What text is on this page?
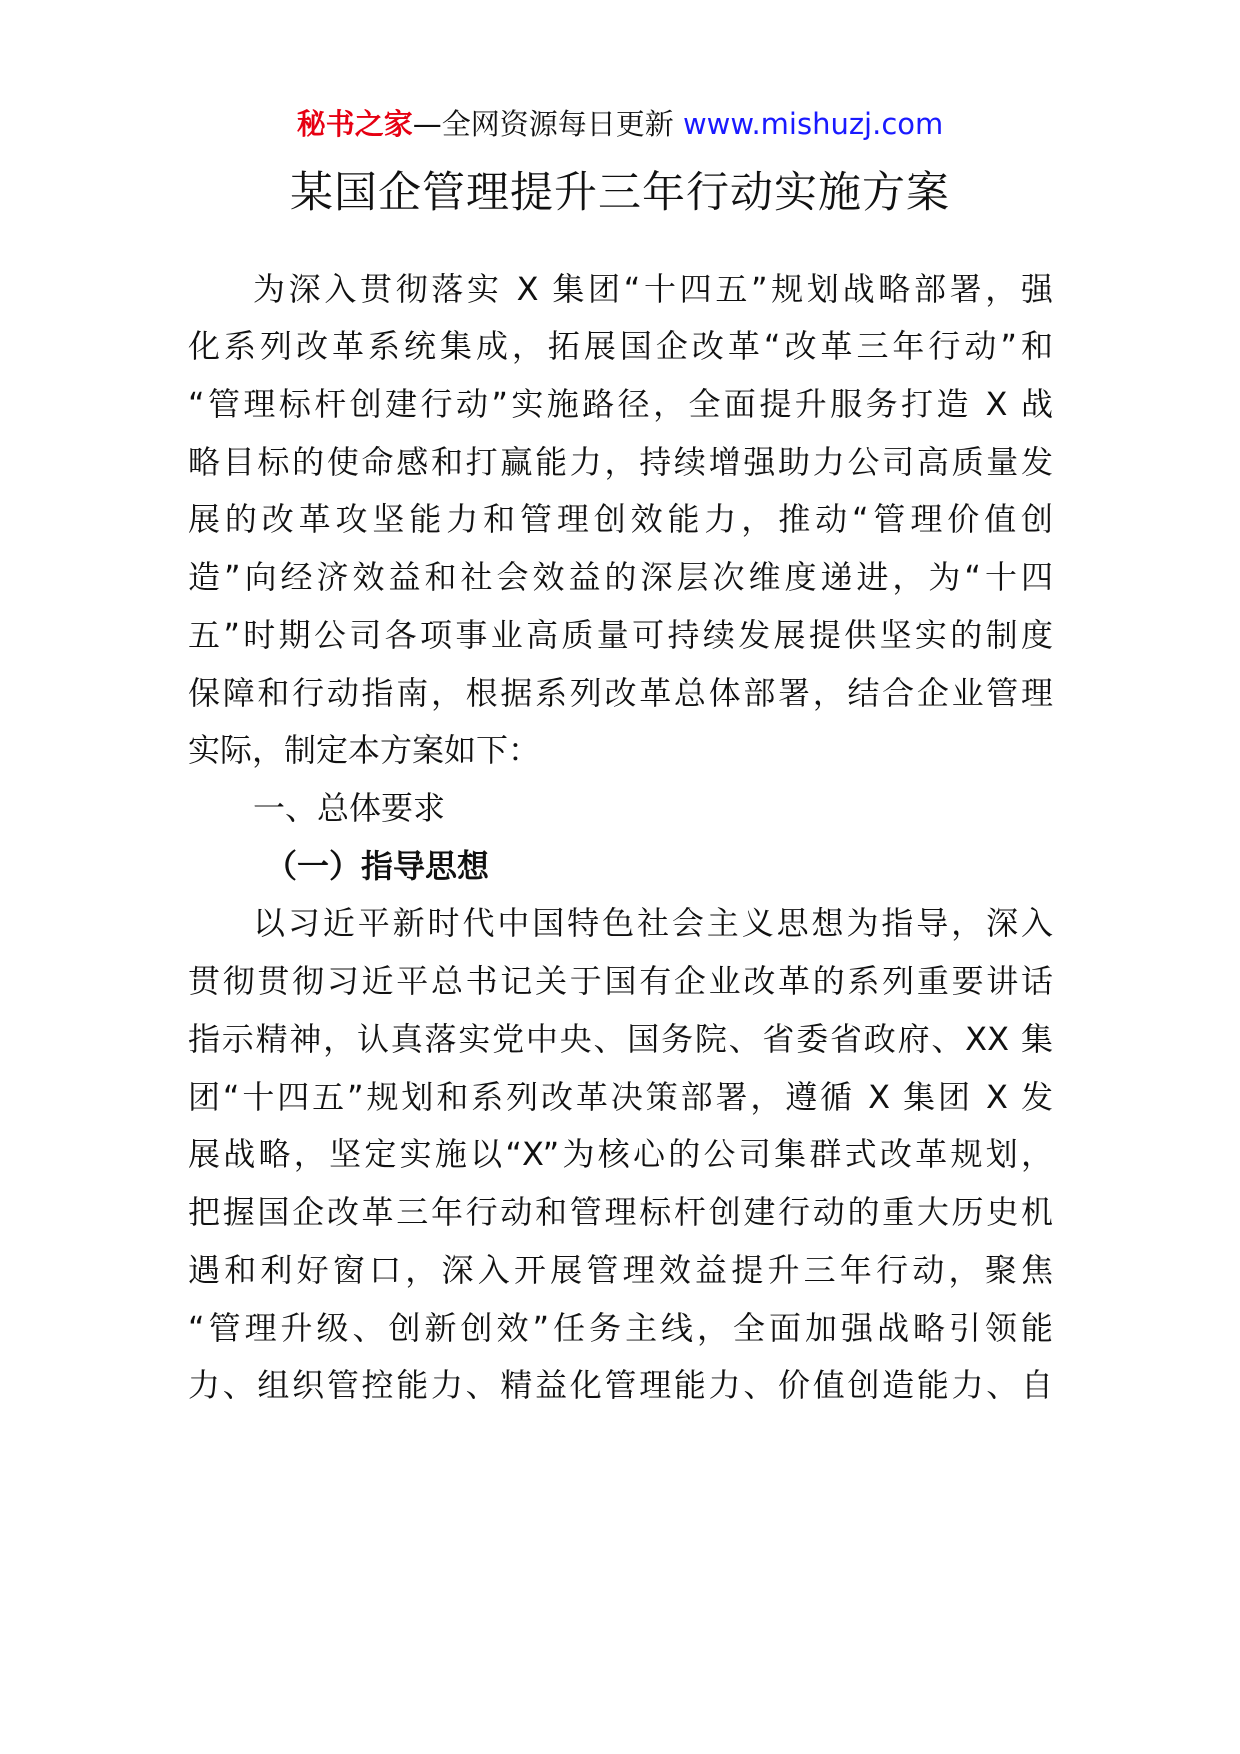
秘书之家—全网资源每日更新 www.mishuzj.com
某国企管理提升三年行动实施方案
为深入贯彻落实 X 集团“十四五”规划战略部署，强
化系列改革系统集成，拓展国企改革“改革三年行动”和
“管理标杆创建行动”实施路径，全面提升服务打造 X 战
略目标的使命感和打赢能力，持续增强助力公司高质量发
展的改革攻坚能力和管理创效能力，推动“管理价值创
造”向经济效益和社会效益的深层次维度递进，为“十四
五”时期公司各项事业高质量可持续发展提供坚实的制度
保障和行动指南，根据系列改革总体部署，结合企业管理
实际，制定本方案如下：
一、总体要求
（一）指导思想
以习近平新时代中国特色社会主义思想为指导，深入
贯彻贯彻习近平总书记关于国有企业改革的系列重要讲话
指示精神，认真落实党中央、国务院、省委省政府、XX 集
团“十四五”规划和系列改革决策部署，遵循 X 集团 X 发
展战略，坚定实施以“X”为核心的公司集群式改革规划，
把握国企改革三年行动和管理标杆创建行动的重大历史机
遇和利好窗口，深入开展管理效益提升三年行动，聚焦
“管理升级、创新创效”任务主线，全面加强战略引领能
力、组织管控能力、精益化管理能力、价值创造能力、自
